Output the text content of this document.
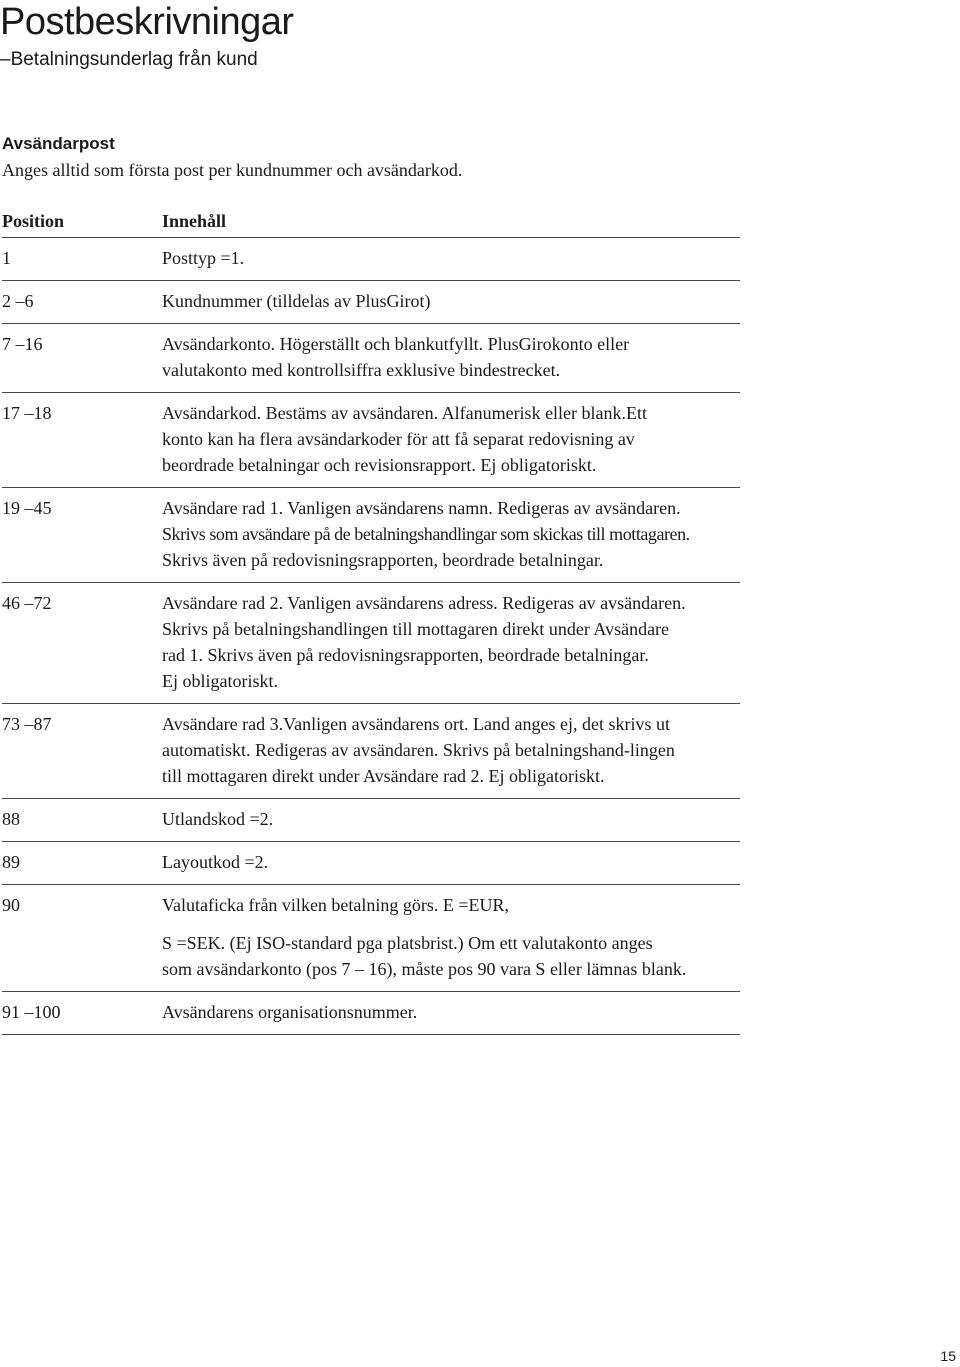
Postbeskrivningar
–Betalningsunderlag från kund
Avsändarpost
Anges alltid som första post per kundnummer och avsändarkod.
Position	Innehåll
1	Posttyp =1.
2 –6	Kundnummer (tilldelas av PlusGirot)
7 –16	Avsändarkonto. Högerställt och blankutfyllt. PlusGirokonto eller
valutakonto med kontrollsiffra exklusive bindestrecket.
17 –18	Avsändarkod. Bestäms av avsändaren. Alfanumerisk eller blank.Ett
konto kan ha flera avsändarkoder för att få separat redovisning av
beordrade betalningar och revisionsrapport. Ej obligatoriskt.
19 –45	Avsändare rad 1. Vanligen avsändarens namn. Redigeras av avsändaren.
Skrivs som avsändare på de betalningshandlingar som skickas till mottagaren.
Skrivs även på redovisningsrapporten, beordrade betalningar.
46 –72	Avsändare rad 2. Vanligen avsändarens adress. Redigeras av avsändaren.
Skrivs på betalningshandlingen till mottagaren direkt under Avsändare
rad 1. Skrivs även på redovisningsrapporten, beordrade betalningar.
Ej obligatoriskt.
73 –87	Avsändare rad 3.Vanligen avsändarens ort. Land anges ej, det skrivs ut
automatiskt. Redigeras av avsändaren. Skrivs på betalningshand-lingen
till mottagaren direkt under Avsändare rad 2. Ej obligatoriskt.
88	Utlandskod =2.
89	Layoutkod =2.
90	Valutaficka från vilken betalning görs. E =EUR,
S =SEK. (Ej ISO-standard pga platsbrist.) Om ett valutakonto anges
som avsändarkonto (pos 7 – 16), måste pos 90 vara S eller lämnas blank.
91 –100	Avsändarens organisationsnummer.
15
